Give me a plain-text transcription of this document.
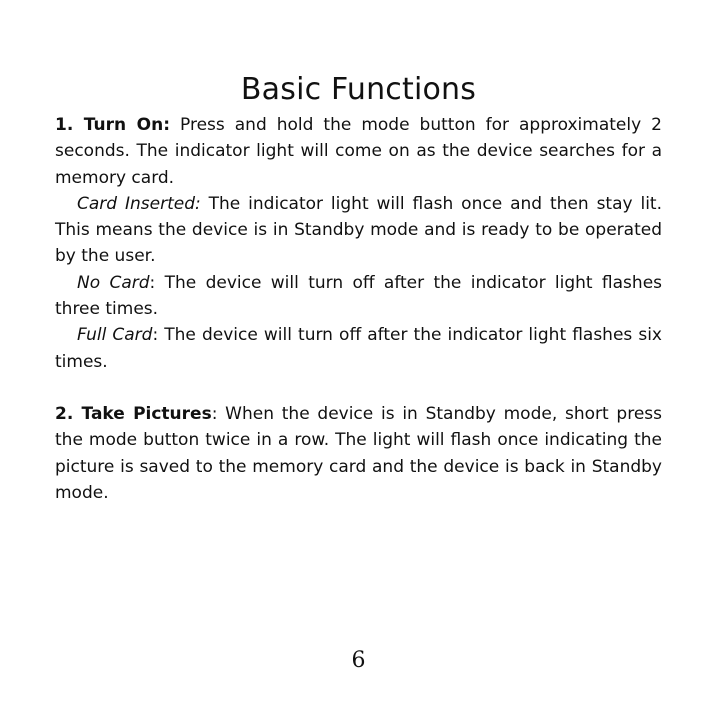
Basic Functions

1. Turn On: Press and hold the mode button for approximately 2 seconds. The indicator light will come on as the device searches for a memory card.

Card Inserted: The indicator light will flash once and then stay lit. This means the device is in Standby mode and is ready to be operated by the user.

No Card: The device will turn off after the indicator light flashes three times.

Full Card: The device will turn off after the indicator light flashes six times.

2. Take Pictures: When the device is in Standby mode, short press the mode button twice in a row. The light will flash once indicating the picture is saved to the memory card and the device is back in Standby mode.

6
